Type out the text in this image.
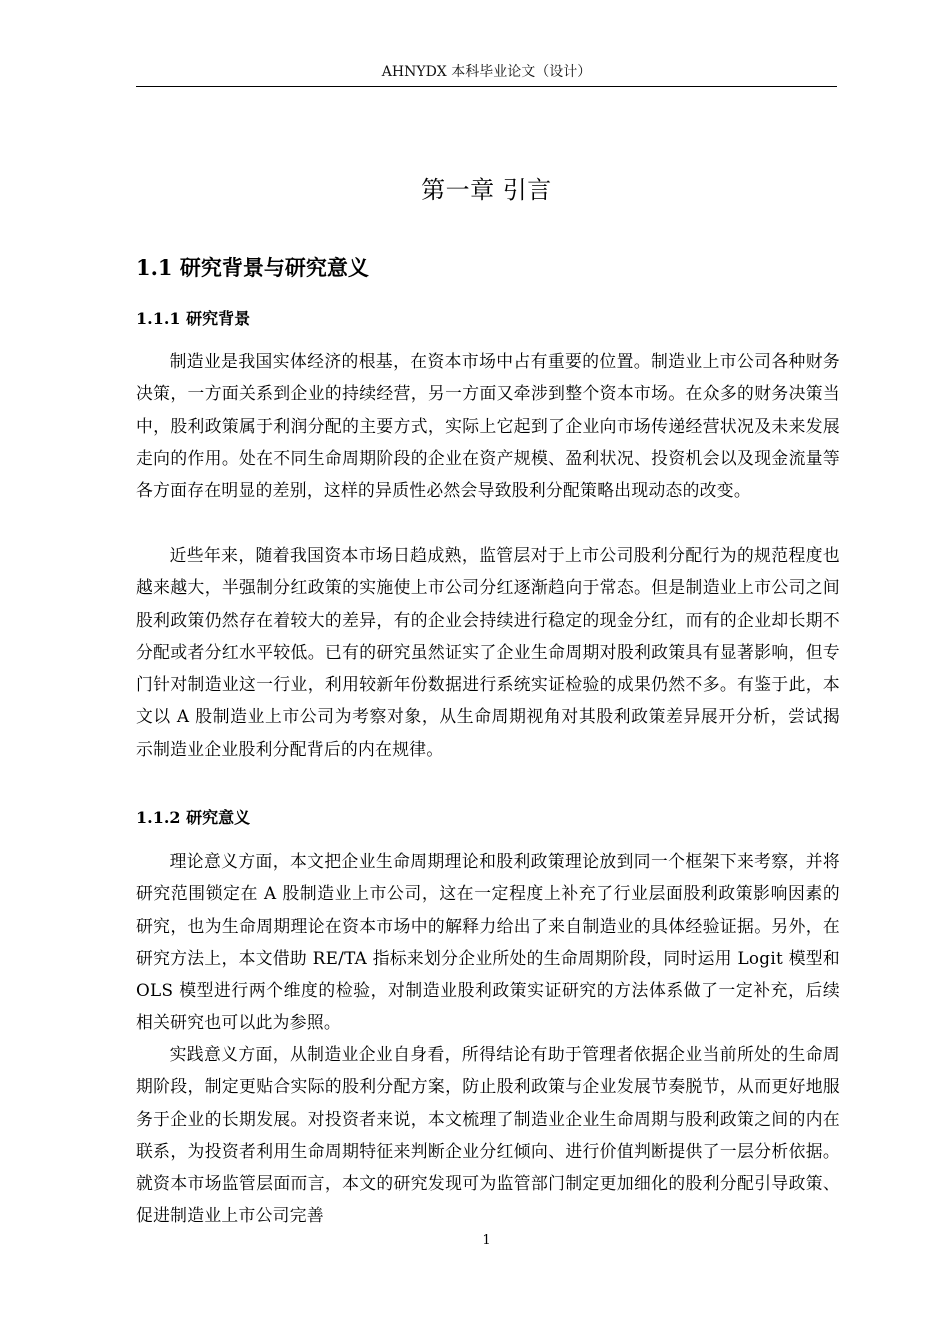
AHNYDX 本科毕业论文（设计）
第一章 引言
1.1 研究背景与研究意义
1.1.1 研究背景

制造业是我国实体经济的根基，在资本市场中占有重要的位置。制造业上市公司各种财务决策，一方面关系到企业的持续经营，另一方面又牵涉到整个资本市场。在众多的财务决策当中，股利政策属于利润分配的主要方式，实际上它起到了企业向市场传递经营状况及未来发展走向的作用。处在不同生命周期阶段的企业在资产规模、盈利状况、投资机会以及现金流量等各方面存在明显的差别，这样的异质性必然会导致股利分配策略出现动态的改变。

近些年来，随着我国资本市场日趋成熟，监管层对于上市公司股利分配行为的规范程度也越来越大，半强制分红政策的实施使上市公司分红逐渐趋向于常态。但是制造业上市公司之间股利政策仍然存在着较大的差异，有的企业会持续进行稳定的现金分红，而有的企业却长期不分配或者分红水平较低。已有的研究虽然证实了企业生命周期对股利政策具有显著影响，但专门针对制造业这一行业，利用较新年份数据进行系统实证检验的成果仍然不多。有鉴于此，本文以 A 股制造业上市公司为考察对象，从生命周期视角对其股利政策差异展开分析，尝试揭示制造业企业股利分配背后的内在规律。

1.1.2 研究意义

理论意义方面，本文把企业生命周期理论和股利政策理论放到同一个框架下来考察，并将研究范围锁定在 A 股制造业上市公司，这在一定程度上补充了行业层面股利政策影响因素的研究，也为生命周期理论在资本市场中的解释力给出了来自制造业的具体经验证据。另外，在研究方法上，本文借助 RE/TA 指标来划分企业所处的生命周期阶段，同时运用 Logit 模型和 OLS 模型进行两个维度的检验，对制造业股利政策实证研究的方法体系做了一定补充，后续相关研究也可以此为参照。

实践意义方面，从制造业企业自身看，所得结论有助于管理者依据企业当前所处的生命周期阶段，制定更贴合实际的股利分配方案，防止股利政策与企业发展节奏脱节，从而更好地服务于企业的长期发展。对投资者来说，本文梳理了制造业企业生命周期与股利政策之间的内在联系，为投资者利用生命周期特征来判断企业分红倾向、进行价值判断提供了一层分析依据。就资本市场监管层面而言，本文的研究发现可为监管部门制定更加细化的股利分配引导政策、促进制造业上市公司完善

1
